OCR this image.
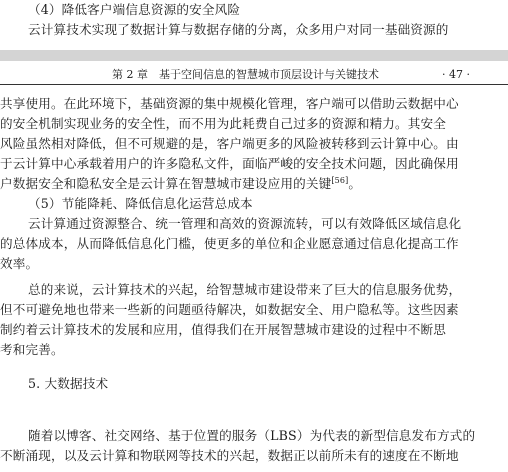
（4）降低客户端信息资源的安全风险
云计算技术实现了数据计算与数据存储的分离，众多用户对同一基础资源的
第 2 章　基于空间信息的智慧城市顶层设计与关键技术	· 47 ·
共享使用。在此环境下，基础资源的集中规模化管理，客户端可以借助云数据中心
的安全机制实现业务的安全性，而不用为此耗费自己过多的资源和精力。其安全
风险虽然相对降低，但不可规避的是，客户端更多的风险被转移到云计算中心。由
于云计算中心承载着用户的许多隐私文件，面临严峻的安全技术问题，因此确保用
户数据安全和隐私安全是云计算在智慧城市建设应用的关键[56]。
（5）节能降耗、降低信息化运营总成本
云计算通过资源整合、统一管理和高效的资源流转，可以有效降低区域信息化
的总体成本，从而降低信息化门槛，使更多的单位和企业愿意通过信息化提高工作
效率。
总的来说，云计算技术的兴起，给智慧城市建设带来了巨大的信息服务优势，
但不可避免地也带来一些新的问题亟待解决，如数据安全、用户隐私等。这些因素
制约着云计算技术的发展和应用，值得我们在开展智慧城市建设的过程中不断思
考和完善。
5. 大数据技术
随着以博客、社交网络、基于位置的服务（LBS）为代表的新型信息发布方式的
不断涌现，以及云计算和物联网等技术的兴起，数据正以前所未有的速度在不断地
